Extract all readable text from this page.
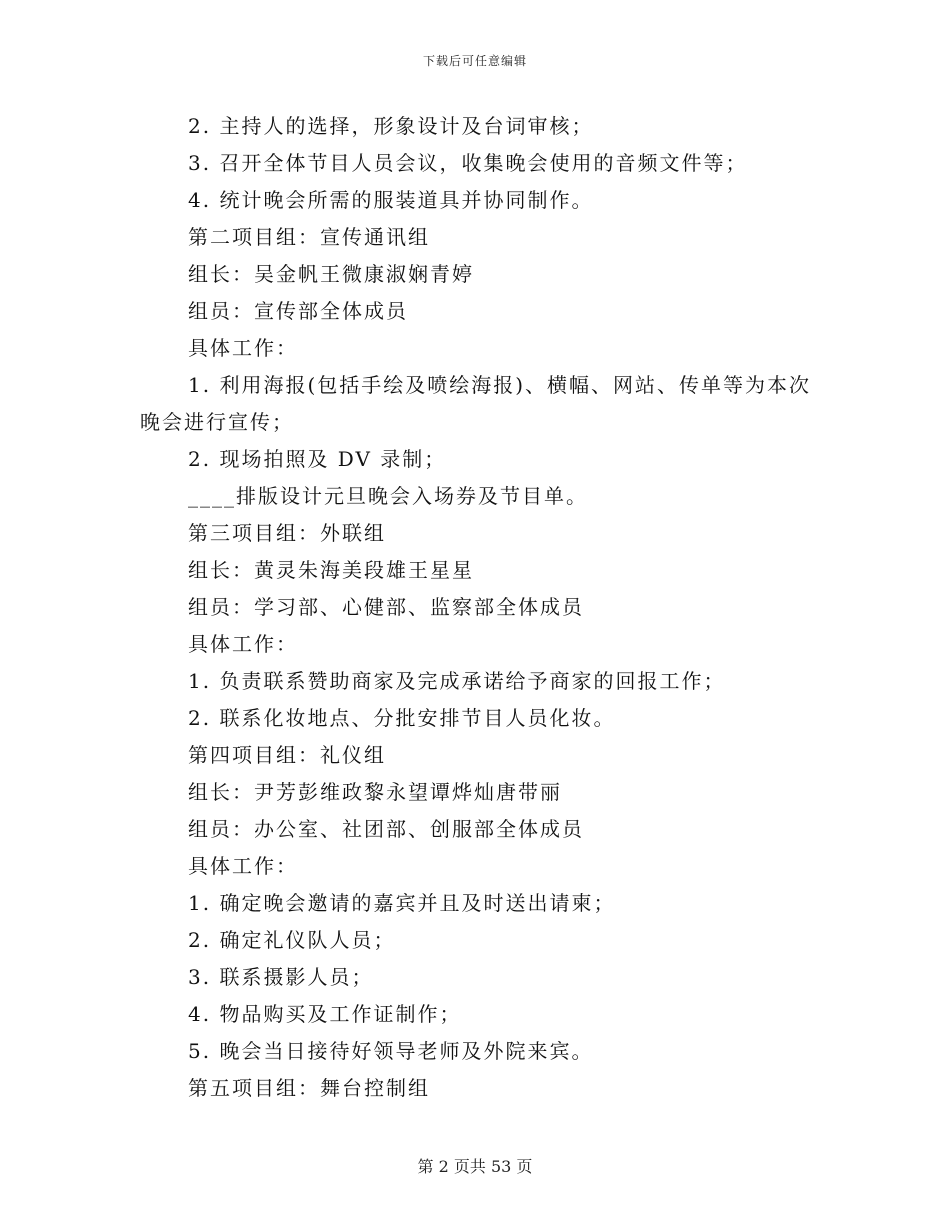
下载后可任意编辑
2. 主持人的选择，形象设计及台词审核；
3. 召开全体节目人员会议，收集晚会使用的音频文件等；
4. 统计晚会所需的服装道具并协同制作。
第二项目组：宣传通讯组
组长：吴金帆王微康淑娴青婷
组员：宣传部全体成员
具体工作：
1. 利用海报(包括手绘及喷绘海报)、横幅、网站、传单等为本次
晚会进行宣传；
2. 现场拍照及 DV 录制；
____排版设计元旦晚会入场券及节目单。
第三项目组：外联组
组长：黄灵朱海美段雄王星星
组员：学习部、心健部、监察部全体成员
具体工作：
1. 负责联系赞助商家及完成承诺给予商家的回报工作；
2. 联系化妆地点、分批安排节目人员化妆。
第四项目组：礼仪组
组长：尹芳彭维政黎永望谭烨灿唐带丽
组员：办公室、社团部、创服部全体成员
具体工作：
1. 确定晚会邀请的嘉宾并且及时送出请柬；
2. 确定礼仪队人员；
3. 联系摄影人员；
4. 物品购买及工作证制作；
5. 晚会当日接待好领导老师及外院来宾。
第五项目组：舞台控制组
第 2 页共 53 页
